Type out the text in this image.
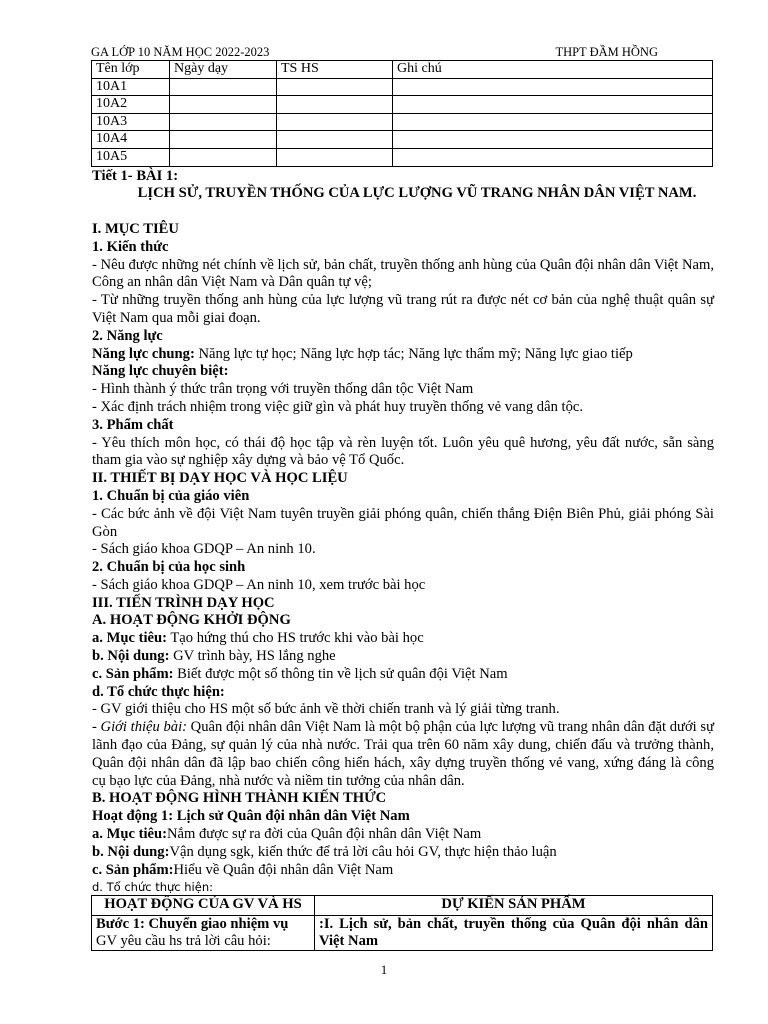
GA LỚP 10 NĂM HỌC 2022-2023	THPT ĐẦM HỒNG
Tên lớp	Ngày dạy	TS HS	Ghi chú
10A1			
10A2			
10A3			
10A4			
10A5			

Tiết 1- BÀI 1:

LỊCH SỬ, TRUYỀN THỐNG CỦA LỰC LƯỢNG VŨ TRANG NHÂN DÂN VIỆT NAM.

I. MỤC TIÊU

1. Kiến thức

- Nêu được những nét chính về lịch sử, bản chất, truyền thống anh hùng của Quân đội nhân dân Việt Nam, Công an nhân dân Việt Nam và Dân quân tự vệ;

- Từ những truyền thống anh hùng của lực lượng vũ trang rút ra được nét cơ bản của nghệ thuật quân sự Việt Nam qua mỗi giai đoạn.

2. Năng lực

Năng lực chung: Năng lực tự học; Năng lực hợp tác; Năng lực thẩm mỹ; Năng lực giao tiếp

Năng lực chuyên biệt:

- Hình thành ý thức trân trọng với truyền thống dân tộc Việt Nam

- Xác định trách nhiệm trong việc giữ gìn và phát huy truyền thống vẻ vang dân tộc.

3. Phẩm chất

- Yêu thích môn học, có thái độ học tập và rèn luyện tốt. Luôn yêu quê hương, yêu đất nước, sẵn sàng tham gia vào sự nghiệp xây dựng và bảo vệ Tổ Quốc.

II. THIẾT BỊ DẠY HỌC VÀ HỌC LIỆU

1. Chuẩn bị của giáo viên

- Các bức ảnh về đội Việt Nam tuyên truyền giải phóng quân, chiến thắng Điện Biên Phủ, giải phóng Sài Gòn

- Sách giáo khoa GDQP – An ninh 10.

2. Chuẩn bị của học sinh

- Sách giáo khoa GDQP – An ninh 10, xem trước bài học

III. TIẾN TRÌNH DẠY HỌC

A. HOẠT ĐỘNG KHỞI ĐỘNG

a. Mục tiêu: Tạo hứng thú cho HS trước khi vào bài học

b. Nội dung: GV trình bày, HS lắng nghe

c. Sản phẩm: Biết được một số thông tin về lịch sử quân đội Việt Nam

d. Tổ chức thực hiện:

- GV giới thiệu cho HS một số bức ảnh về thời chiến tranh và lý giải từng tranh.

- Giới thiệu bài: Quân đội nhân dân Việt Nam là một bộ phận của lực lượng vũ trang nhân dân đặt dưới sự lãnh đạo của Đảng, sự quản lý của nhà nước. Trải qua trên 60 năm xây dung, chiến đấu và trưởng thành, Quân đội nhân dân đã lập bao chiến công hiển hách, xây dựng truyền thống vẻ vang, xứng đáng là công cụ bạo lực của Đảng, nhà nước và niềm tin tưởng của nhân dân.

B. HOẠT ĐỘNG HÌNH THÀNH KIẾN THỨC

Hoạt động 1: Lịch sử Quân đội nhân dân Việt Nam

a. Mục tiêu:Nắm được sự ra đời của Quân đội nhân dân Việt Nam

b. Nội dung:Vận dụng sgk, kiến thức để trả lời câu hỏi GV, thực hiện thảo luận

c. Sản phẩm:Hiểu về Quân đội nhân dân Việt Nam

d. Tổ chức thực hiện:

HOẠT ĐỘNG CỦA GV VÀ HS	DỰ KIẾN SẢN PHẨM

Bước 1: Chuyển giao nhiệm vụ
GV yêu cầu hs trả lời câu hỏi:	:I. Lịch sử, bản chất, truyền thống của Quân đội nhân dân Việt Nam
1
